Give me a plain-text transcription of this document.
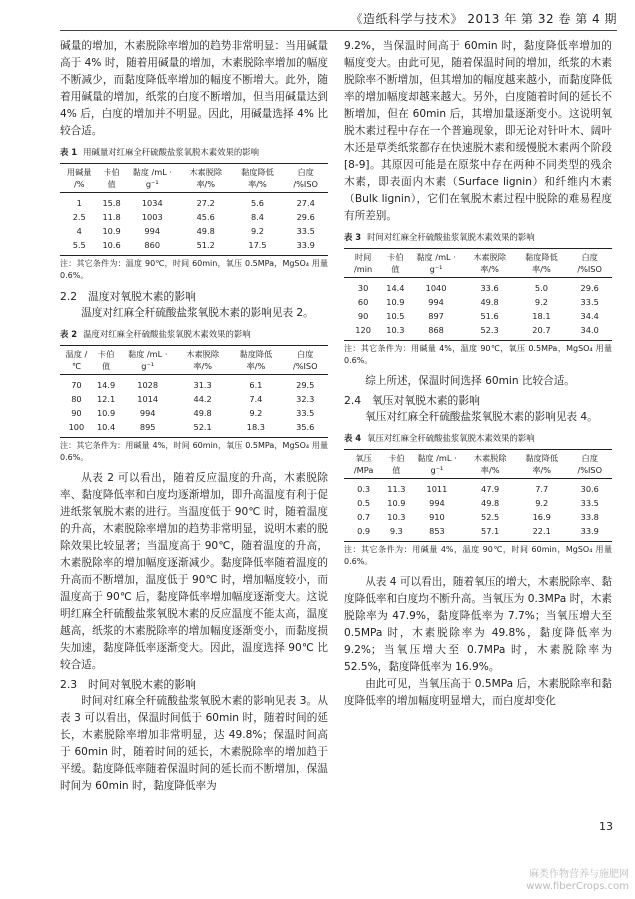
《造纸科学与技术》 2013 年 第 32 卷 第 4 期

碱量的增加，木素脱除率增加的趋势非常明显：当用碱量高于 4% 时，随着用碱量的增加，木素脱除率增加的幅度不断减少，而黏度降低率增加的幅度不断增大。此外，随着用碱量的增加，纸浆的白度不断增加，但当用碱量达到 4% 后，白度的增加并不明显。因此，用碱量选择 4% 比较合适。

表 1 用碱量对红麻全秆硫酸盐浆氧脱木素效果的影响
用碱量 /%	卡伯值	黏度 /mL · g⁻¹	木素脱除率/%	黏度降低率/%	白度 /%ISO
1	15.8	1034	27.2	5.6	27.4
2.5	11.8	1003	45.6	8.4	29.6
4	10.9	994	49.8	9.2	33.5
5.5	10.6	860	51.2	17.5	33.9
注：其它条件为：温度 90℃，时间 60min，氧压 0.5MPa，MgSO₄ 用量 0.6%。
2.2　温度对氧脱木素的影响

温度对红麻全秆硫酸盐浆氧脱木素的影响见表 2。

表 2 温度对红麻全秆硫酸盐浆氧脱木素效果的影响
温度 /℃	卡伯值	黏度 /mL · g⁻¹	木素脱除率/%	黏度降低率/%	白度 /%ISO
70	14.9	1028	31.3	6.1	29.5
80	12.1	1014	44.2	7.4	32.3
90	10.9	994	49.8	9.2	33.5
100	10.4	895	52.1	18.3	35.6
注：其它条件为：用碱量 4%，时间 60min，氧压 0.5MPa，MgSO₄ 用量 0.6%。

从表 2 可以看出，随着反应温度的升高，木素脱除率、黏度降低率和白度均逐渐增加，即升高温度有利于促进纸浆氧脱木素的进行。当温度低于 90℃ 时，随着温度的升高，木素脱除率增加的趋势非常明显，说明木素的脱除效果比较显著；当温度高于 90℃，随着温度的升高，木素脱除率的增加幅度逐渐减少。黏度降低率随着温度的升高而不断增加，温度低于 90℃ 时，增加幅度较小，而温度高于 90℃ 后，黏度降低率增加幅度逐渐变大。这说明红麻全秆硫酸盐浆氧脱木素的反应温度不能太高，温度越高，纸浆的木素脱除率的增加幅度逐渐变小，而黏度损失加速，黏度降低率逐渐变大。因此，温度选择 90℃ 比较合适。

2.3　时间对氧脱木素的影响

时间对红麻全秆硫酸盐浆氧脱木素的影响见表 3。从表 3 可以看出，保温时间低于 60min 时，随着时间的延长，木素脱除率增加非常明显，达 49.8%；保温时间高于 60min 时，随着时间的延长，木素脱除率的增加趋于平缓。黏度降低率随着保温时间的延长而不断增加，保温时间为 60min 时，黏度降低率为

9.2%，当保温时间高于 60min 时，黏度降低率增加的幅度变大。由此可见，随着保温时间的增加，纸浆的木素脱除率不断增加，但其增加的幅度越来越小，而黏度降低率的增加幅度却越来越大。另外，白度随着时间的延长不断增加，但在 60min 后，其增加量逐渐变小。这说明氧脱木素过程中存在一个普遍现象，即无论对针叶木、阔叶木还是草类纸浆都存在快速脱木素和缓慢脱木素两个阶段[8-9]。其原因可能是在原浆中存在两种不同类型的残余木素，即表面内木素（Surface lignin）和纤维内木素（Bulk lignin），它们在氧脱木素过程中脱除的难易程度有所差别。

表 3 时间对红麻全秆硫酸盐浆氧脱木素效果的影响
时间 /min	卡伯值	黏度 /mL · g⁻¹	木素脱除率/%	黏度降低率/%	白度 /%ISO
30	14.4	1040	33.6	5.0	29.6
60	10.9	994	49.8	9.2	33.5
90	10.5	897	51.6	18.1	34.4
120	10.3	868	52.3	20.7	34.0
注：其它条件为：用碱量 4%，温度 90℃，氧压 0.5MPa，MgSO₄ 用量 0.6%。

综上所述，保温时间选择 60min 比较合适。

2.4　氧压对氧脱木素的影响

氧压对红麻全秆硫酸盐浆氧脱木素的影响见表 4。

表 4 氧压对红麻全秆硫酸盐浆氧脱木素效果的影响
氧压 /MPa	卡伯值	黏度 /mL · g⁻¹	木素脱除率/%	黏度降低率/%	白度 /%ISO
0.3	11.3	1011	47.9	7.7	30.6
0.5	10.9	994	49.8	9.2	33.5
0.7	10.3	910	52.5	16.9	33.8
0.9	9.3	853	57.1	22.1	33.9
注：其它条件为：用碱量 4%，温度 90℃，时间 60min，MgSO₄ 用量 0.6%。

从表 4 可以看出，随着氧压的增大，木素脱除率、黏度降低率和白度均不断升高。当氧压为 0.3MPa 时，木素脱除率为 47.9%，黏度降低率为 7.7%；当氧压增大至 0.5MPa 时，木素脱除率为 49.8%，黏度降低率为 9.2%；当氧压增大至 0.7MPa 时，木素脱除率为 52.5%，黏度降低率为 16.9%。

由此可见，当氧压高于 0.5MPa 后，木素脱除率和黏度降低率的增加幅度明显增大，而白度却变化

13
麻类作物营养与施肥网
www.fiberCrops.com
